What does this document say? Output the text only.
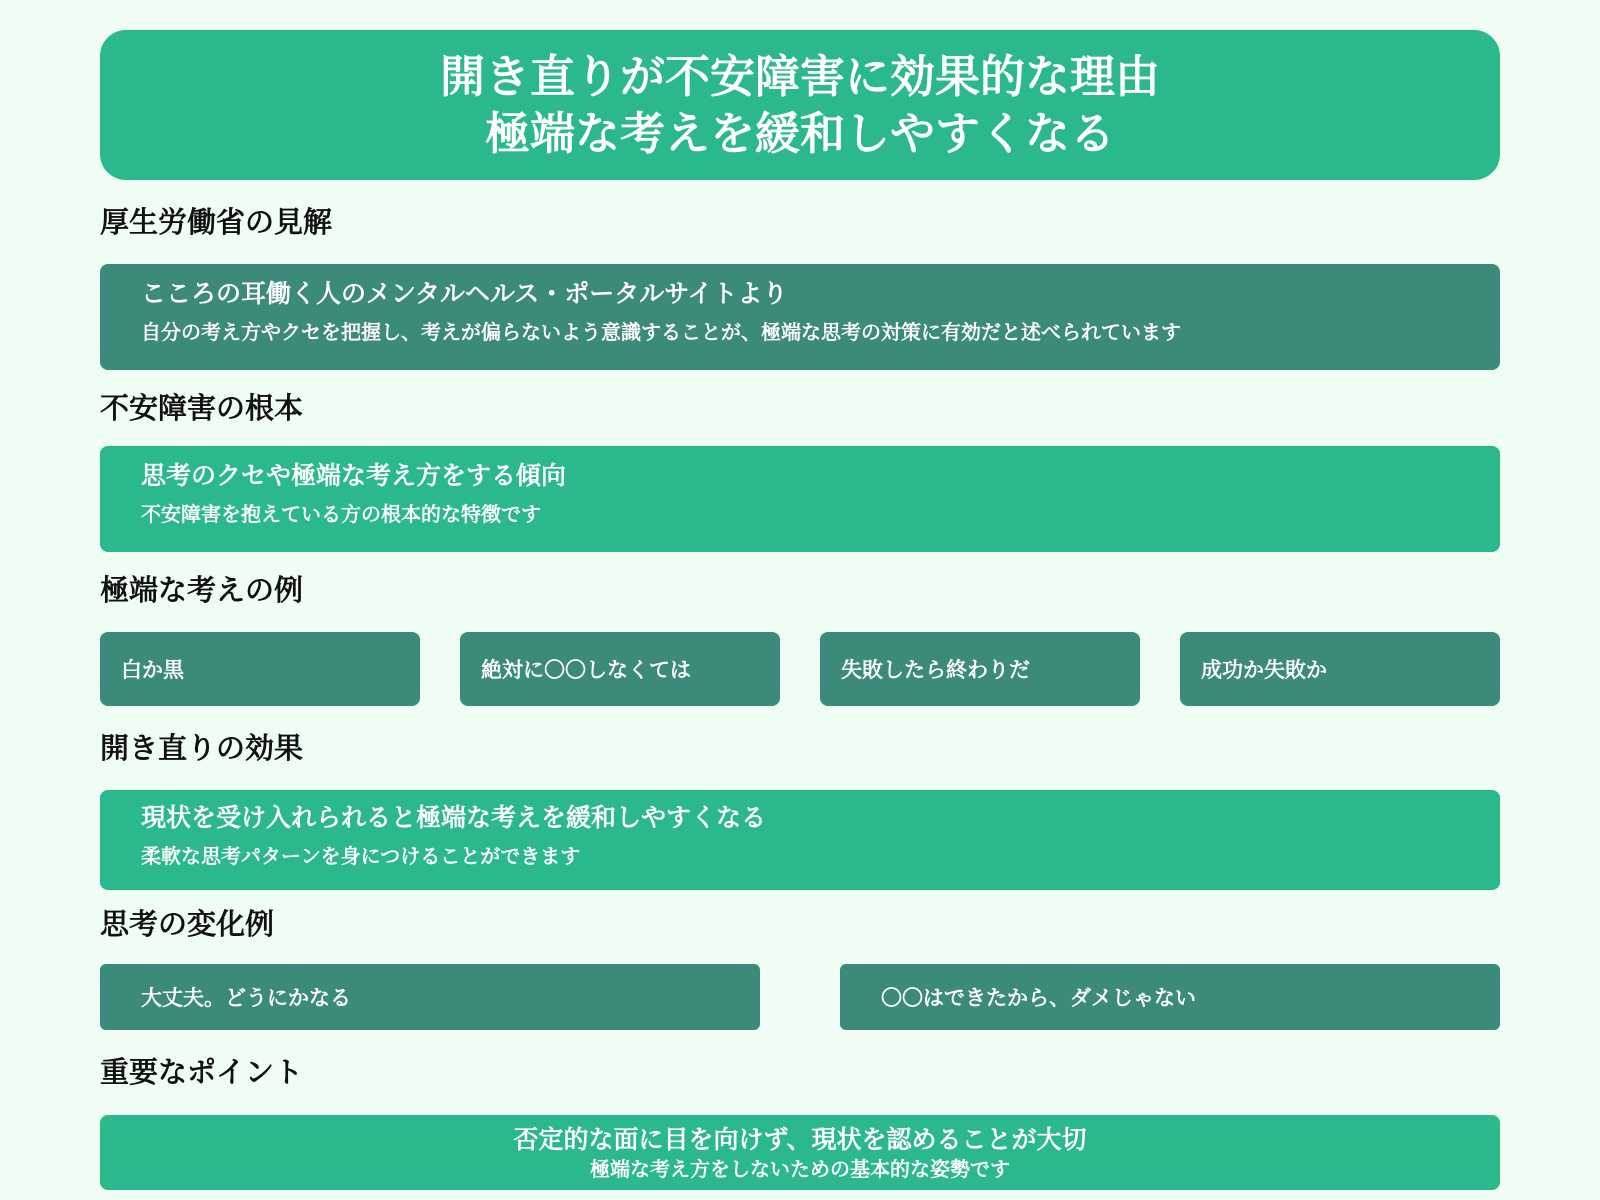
開き直りが不安障害に効果的な理由
極端な考えを緩和しやすくなる
厚生労働省の見解
こころの耳働く人のメンタルヘルス・ポータルサイトより
自分の考え方やクセを把握し、考えが偏らないよう意識することが、極端な思考の対策に有効だと述べられています
不安障害の根本
思考のクセや極端な考え方をする傾向
不安障害を抱えている方の根本的な特徴です
極端な考えの例
白か黒	絶対に〇〇しなくては	失敗したら終わりだ	成功か失敗か
開き直りの効果
現状を受け入れられると極端な考えを緩和しやすくなる
柔軟な思考パターンを身につけることができます
思考の変化例
大丈夫。どうにかなる	〇〇はできたから、ダメじゃない
重要なポイント
否定的な面に目を向けず、現状を認めることが大切
極端な考え方をしないための基本的な姿勢です
